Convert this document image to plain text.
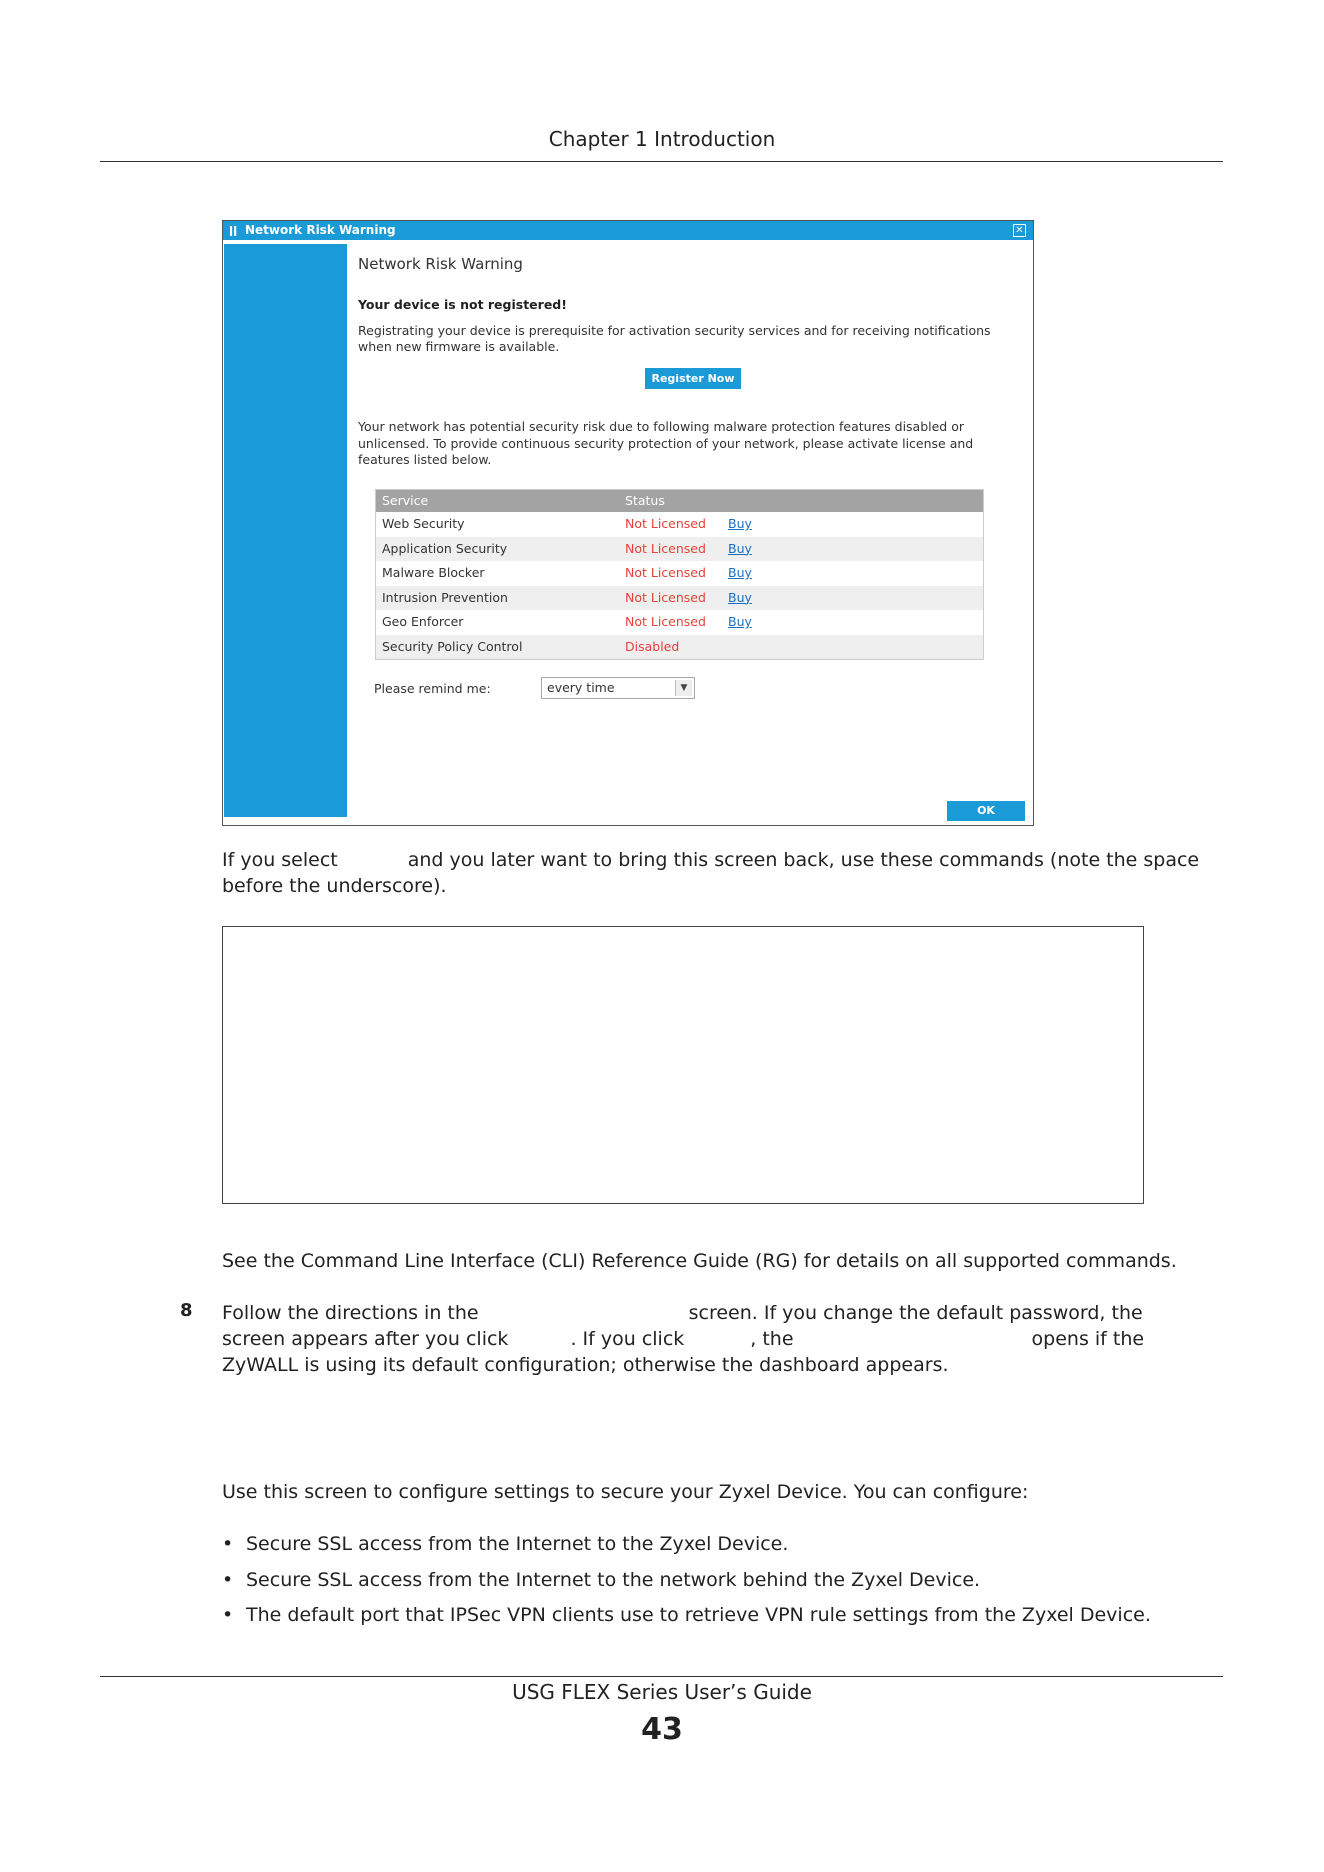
Chapter 1 Introduction
ǀǀ Network Risk Warning	✕
Network Risk Warning
Your device is not registered!
Registrating your device is prerequisite for activation security services and for receiving notifications when new firmware is available.
Register Now
Your network has potential security risk due to following malware protection features disabled or unlicensed. To provide continuous security protection of your network, please activate license and features listed below.
Service	Status
Web Security	Not Licensed Buy
Application Security	Not Licensed Buy
Malware Blocker	Not Licensed Buy
Intrusion Prevention	Not Licensed Buy
Geo Enforcer	Not Licensed Buy
Security Policy Control	Disabled
Please remind me:	every time	▼
OK
If you select	and you later want to bring this screen back, use these commands (note the space before the underscore).
See the Command Line Interface (CLI) Reference Guide (RG) for details on all supported commands.
8 Follow the directions in the	screen. If you change the default password, the
screen appears after you click	. If you click	, the	opens if the ZyWALL is using its default configuration; otherwise the dashboard appears.
Use this screen to configure settings to secure your Zyxel Device. You can configure:
• Secure SSL access from the Internet to the Zyxel Device.
• Secure SSL access from the Internet to the network behind the Zyxel Device.
• The default port that IPSec VPN clients use to retrieve VPN rule settings from the Zyxel Device.
USG FLEX Series User’s Guide
43
